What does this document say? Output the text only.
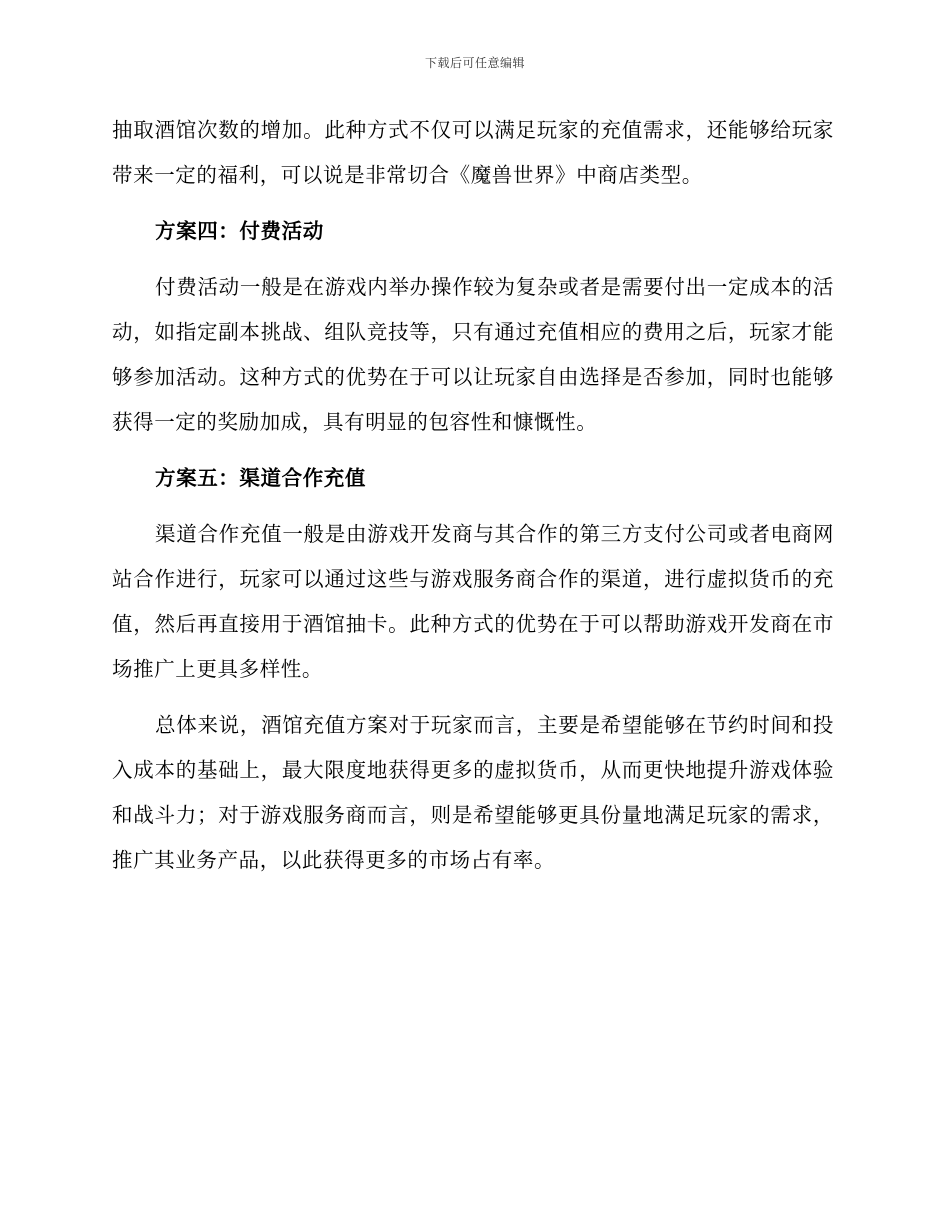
下载后可任意编辑

抽取酒馆次数的增加。此种方式不仅可以满足玩家的充值需求，还能够给玩家带来一定的福利，可以说是非常切合《魔兽世界》中商店类型。

方案四：付费活动

付费活动一般是在游戏内举办操作较为复杂或者是需要付出一定成本的活动，如指定副本挑战、组队竞技等，只有通过充值相应的费用之后，玩家才能够参加活动。这种方式的优势在于可以让玩家自由选择是否参加，同时也能够获得一定的奖励加成，具有明显的包容性和慷慨性。

方案五：渠道合作充值

渠道合作充值一般是由游戏开发商与其合作的第三方支付公司或者电商网站合作进行，玩家可以通过这些与游戏服务商合作的渠道，进行虚拟货币的充值，然后再直接用于酒馆抽卡。此种方式的优势在于可以帮助游戏开发商在市场推广上更具多样性。

总体来说，酒馆充值方案对于玩家而言，主要是希望能够在节约时间和投入成本的基础上，最大限度地获得更多的虚拟货币，从而更快地提升游戏体验和战斗力；对于游戏服务商而言，则是希望能够更具份量地满足玩家的需求，推广其业务产品，以此获得更多的市场占有率。
